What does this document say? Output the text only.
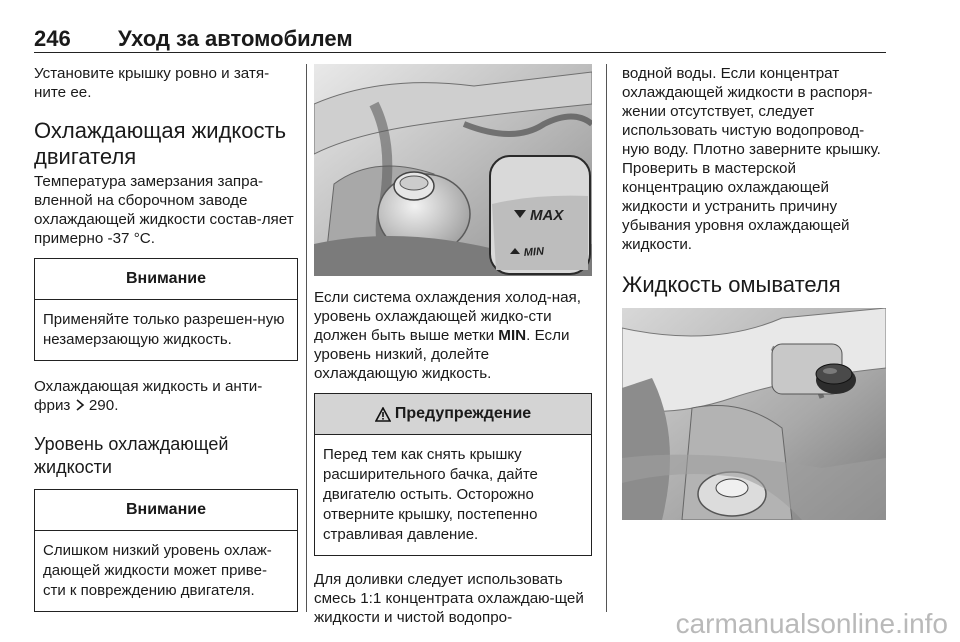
246 Уход за автомобилем

Установите крышку ровно и затя-ните ее.

Охлаждающая жидкость двигателя

Температура замерзания запра-вленной на сборочном заводе охлаждающей жидкости состав-ляет примерно -37 °C.

Внимание

Применяйте только разрешен-ную незамерзающую жидкость.

Охлаждающая жидкость и анти-фриз 290.

Уровень охлаждающей жидкости
Внимание

Слишком низкий уровень охлаж-дающей жидкости может приве-сти к повреждению двигателя.

MAX
MIN

Если система охлаждения холод-ная, уровень охлаждающей жидко-сти должен быть выше метки MIN. Если уровень низкий, долейте охлаждающую жидкость.

Предупреждение

Перед тем как снять крышку расширительного бачка, дайте двигателю остыть. Осторожно отверните крышку, постепенно стравливая давление.

Для доливки следует использовать смесь 1:1 концентрата охлаждаю-щей жидкости и чистой водопро-

водной воды. Если концентрат охлаждающей жидкости в распоря-жении отсутствует, следует использовать чистую водопровод-ную воду. Плотно заверните крышку. Проверить в мастерской концентрацию охлаждающей жидкости и устранить причину убывания уровня охлаждающей жидкости.

Жидкость омывателя
carmanualsonline.info
